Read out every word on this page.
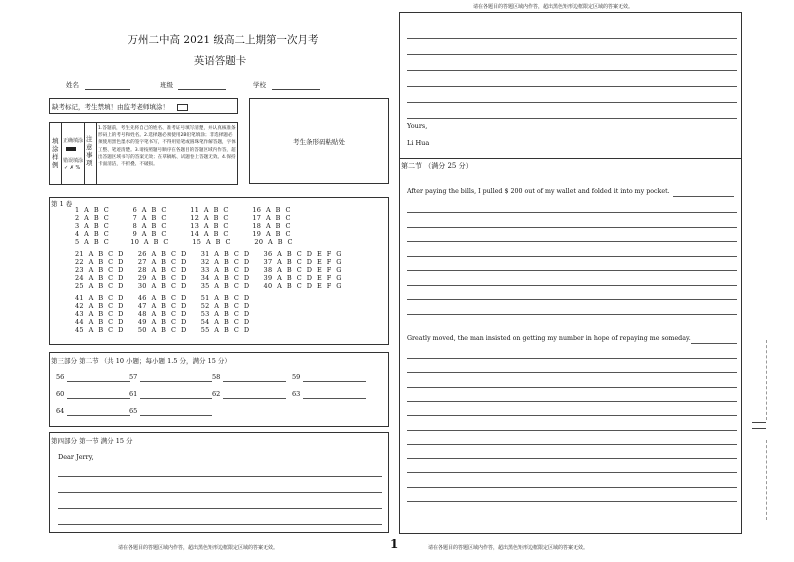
万州二中高 2021 级高二上期第一次月考
英语答题卡
姓名	班级	学校
缺考标记，考生禁填！由监考老师填涂！
填涂样例
正确填涂
错误填涂
✓ ✗ %
注意事项
1.答题前，考生先将自己的姓名、准考证号填写清楚，并认真核准条形码上的考号和姓名。2.选择题必须使用2B铅笔填涂；非选择题必须使用黑色墨水的签字笔书写，不得用铅笔或圆珠笔作解答题，字体工整、笔迹清楚。3.请按照题号顺序在各题目的答题区域内作答，超出答题区域书写的答案无效；在草稿纸、试题卷上答题无效。4.保持卡面清洁，不折叠、不破损。
考生条形码粘贴处
第 1 卷
1  A  B  C          6  A  B  C          11  A  B  C          16  A  B  C
2  A  B  C          7  A  B  C          12  A  B  C          17  A  B  C
3  A  B  C          8  A  B  C          13  A  B  C          18  A  B  C
4  A  B  C          9  A  B  C          14  A  B  C          19  A  B  C
5  A  B  C         10  A  B  C          15  A  B  C          20  A  B  C
21  A  B  C  D      26  A  B  C  D      31  A  B  C  D      36  A  B  C  D  E  F  G
22  A  B  C  D      27  A  B  C  D      32  A  B  C  D      37  A  B  C  D  E  F  G
23  A  B  C  D      28  A  B  C  D      33  A  B  C  D      38  A  B  C  D  E  F  G
24  A  B  C  D      29  A  B  C  D      34  A  B  C  D      39  A  B  C  D  E  F  G
25  A  B  C  D      30  A  B  C  D      35  A  B  C  D      40  A  B  C  D  E  F  G
41  A  B  C  D      46  A  B  C  D      51  A  B  C  D
42  A  B  C  D      47  A  B  C  D      52  A  B  C  D
43  A  B  C  D      48  A  B  C  D      53  A  B  C  D
44  A  B  C  D      49  A  B  C  D      54  A  B  C  D
45  A  B  C  D      50  A  B  C  D      55  A  B  C  D
第三部分 第二节 （共 10 小题；每小题 1.5 分，满分 15 分）
56	57	58	59
60	61	62	63
64	65
第四部分 第一节 满分 15 分
Dear Jerry,
请在各题目的答题区域内作答，超出黑色矩形边框限定区域的答案无效。	1
请在各题目的答题区域内作答，超出黑色矩形边框限定区域的答案无效。
Yours,
Li Hua
第二节 （满分 25 分）
After paying the bills, I pulled $ 200 out of my wallet and folded it into my pocket.
Greatly moved, the man insisted on getting my number in hope of repaying me someday.
请在各题目的答题区域内作答，超出黑色矩形边框限定区域的答案无效。
